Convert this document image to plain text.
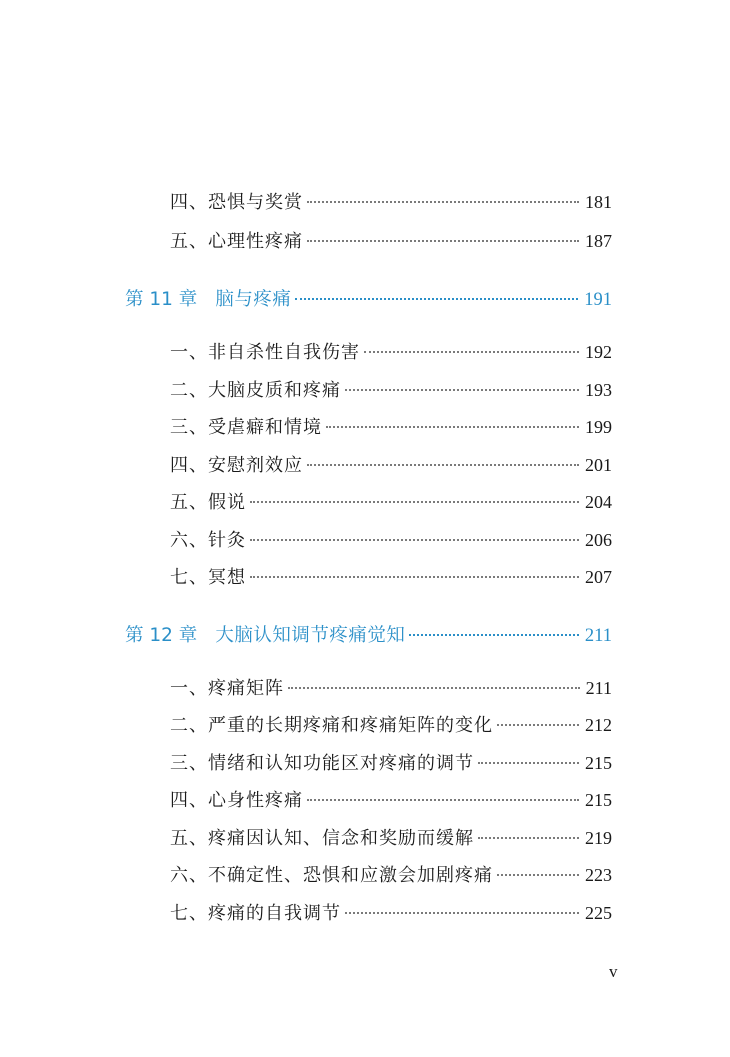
四、恐惧与奖赏	181
五、心理性疼痛	187
第 11 章 脑与疼痛	191
一、非自杀性自我伤害	192
二、大脑皮质和疼痛	193
三、受虐癖和情境	199
四、安慰剂效应	201
五、假说	204
六、针灸	206
七、冥想	207
第 12 章 大脑认知调节疼痛觉知	211
一、疼痛矩阵	211
二、严重的长期疼痛和疼痛矩阵的变化	212
三、情绪和认知功能区对疼痛的调节	215
四、心身性疼痛	215
五、疼痛因认知、信念和奖励而缓解	219
六、不确定性、恐惧和应激会加剧疼痛	223
七、疼痛的自我调节	225
v
